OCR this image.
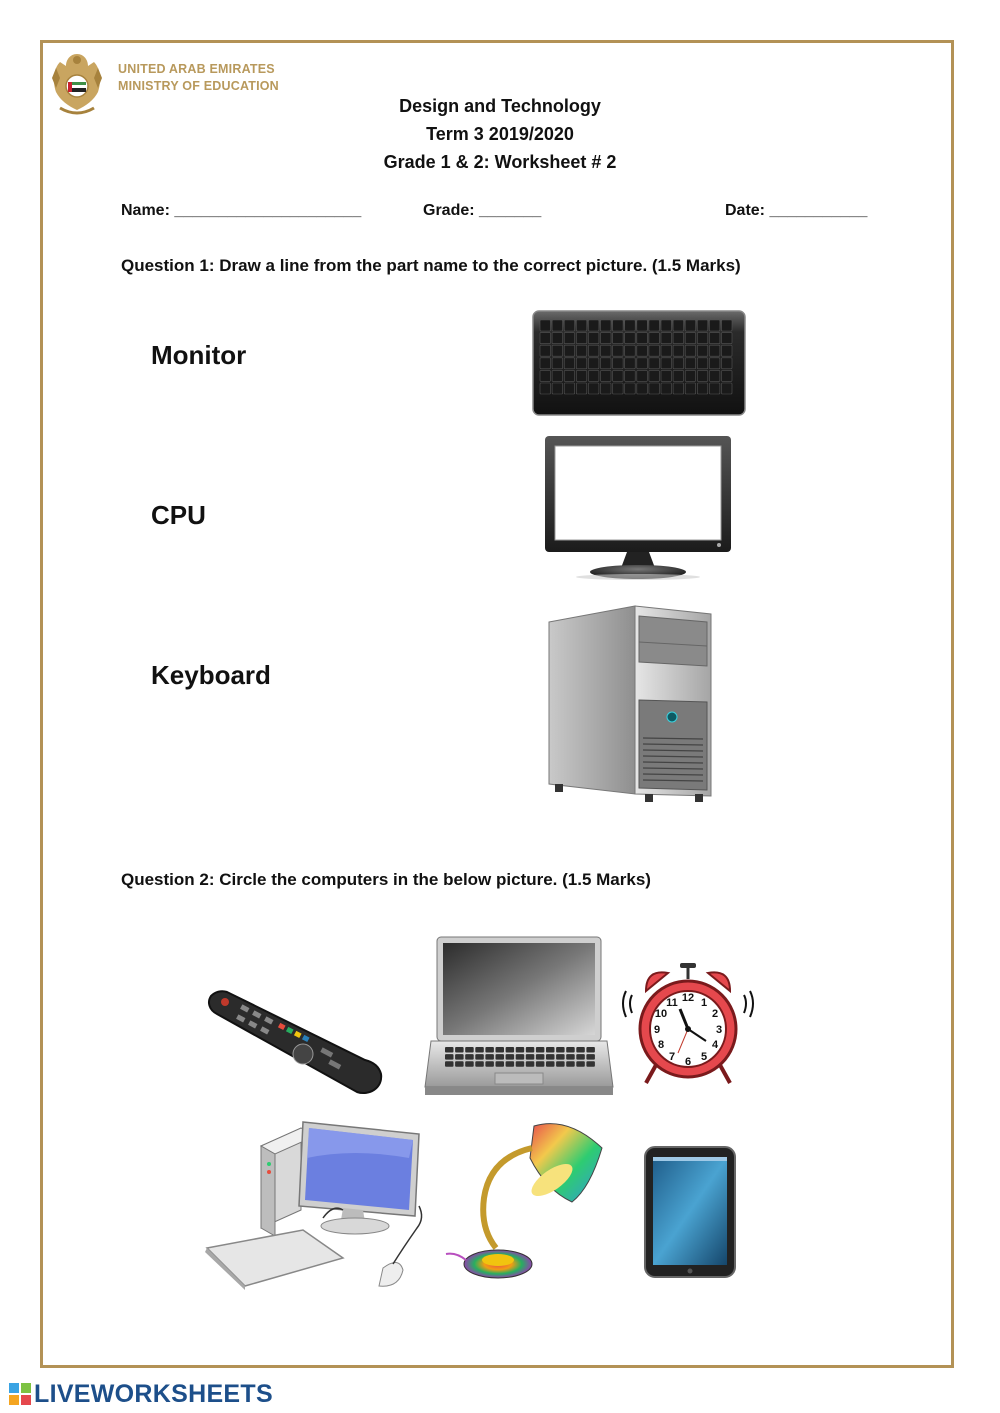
UNITED ARAB EMIRATES
MINISTRY OF EDUCATION
Design and Technology
Term 3 2019/2020
Grade 1 & 2: Worksheet # 2
Name: _____________________	Grade: _______	Date: ___________
Question 1: Draw a line from the part name to the correct picture. (1.5 Marks)
Monitor
CPU
Keyboard
Question 2: Circle the computers in the below picture. (1.5 Marks)
12 1
2
3
4
5
6
7
8
9
10
11
LIVEWORKSHEETS
